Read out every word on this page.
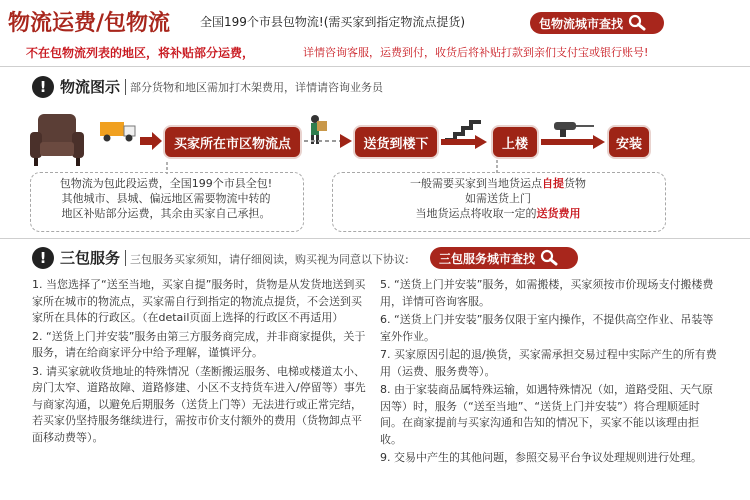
物流运费/包物流 全国199个市县包物流!(需买家到指定物流点提货)	包物流城市查找
不在包物流列表的地区，将补贴部分运费，	详情咨询客服，运费到付，收货后将补贴打款到亲们支付宝或银行账号!
! 物流图示 部分货物和地区需加打木架费用，详情请咨询业务员
买家所在市区物流点	送货到楼下	上楼	安装
包物流为包此段运费，全国199个市县全包!
其他城市、县城、偏远地区需要物流中转的
地区补贴部分运费，其余由买家自己承担。
一般需要买家到当地货运点自提货物
如需送货上门
当地货运点将收取一定的送货费用
! 三包服务 三包服务买家须知，请仔细阅读，购买视为同意以下协议:	三包服务城市查找

1. 当您选择了“送至当地，买家自提”服务时，货物是从发货地送到买家所在城市的物流点，买家需自行到指定的物流点提货，不会送到买家所在具体的行政区。（在detail页面上选择的行政区不再适用）

2. “送货上门并安装”服务由第三方服务商完成，并非商家提供，关于服务，请在给商家评分中给予理解，谨慎评分。

3. 请买家就收货地址的特殊情况（垄断搬运服务、电梯或楼道太小、房门太窄、道路故障、道路修建、小区不支持货车进入/停留等）事先与商家沟通，以避免后期服务（送货上门等）无法进行或正常完结，若买家仍坚持服务继续进行，需按市价支付额外的费用（货物卸点平面移动费等）。

5. “送货上门并安装”服务，如需搬楼，买家须按市价现场支付搬楼费用，详情可咨询客服。

6. “送货上门并安装”服务仅限于室内操作，不提供高空作业、吊装等室外作业。

7. 买家原因引起的退/换货，买家需承担交易过程中实际产生的所有费用（运费、服务费等）。

8. 由于家装商品属特殊运输，如遇特殊情况（如，道路受阻、天气原因等）时，服务（“送至当地”、“送货上门并安装”）将合理顺延时间。在商家提前与买家沟通和告知的情况下，买家不能以该理由拒收。

9. 交易中产生的其他问题，参照交易平台争议处理规则进行处理。
